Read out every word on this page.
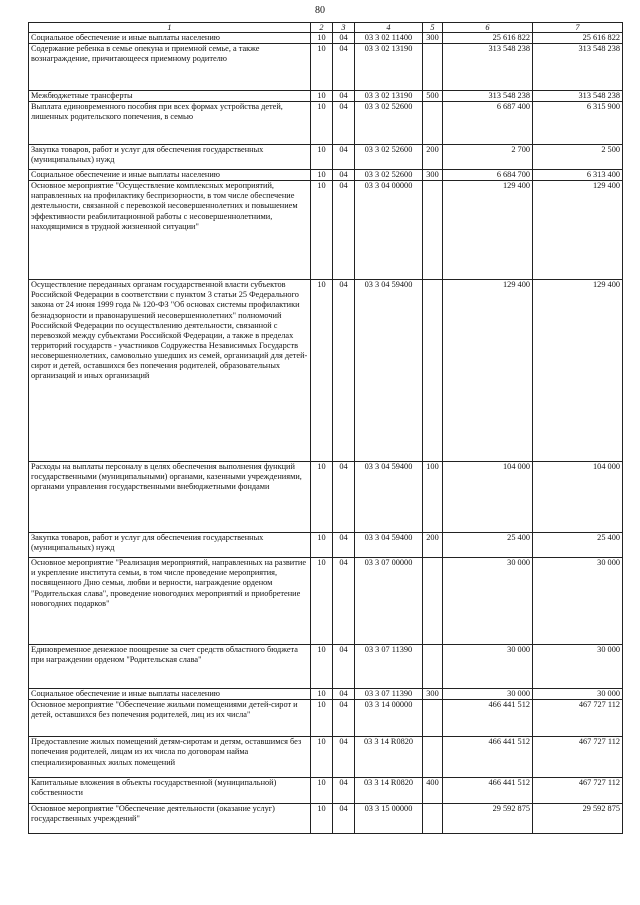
80
1	2	3	4	5	6	7
Социальное обеспечение и иные выплаты населению	10	04	03 3 02 11400	300	25 616 822	25 616 822
Содержание ребенка в семье опекуна и приемной семье, а также вознаграждение, причитающееся приемному родителю	10	04	03 3 02 13190		313 548 238	313 548 238
Межбюджетные трансферты	10	04	03 3 02 13190	500	313 548 238	313 548 238
Выплата единовременного пособия при всех формах устройства детей, лишенных родительского попечения, в семью	10	04	03 3 02 52600		6 687 400	6 315 900
Закупка товаров, работ и услуг для обеспечения государственных (муниципальных) нужд	10	04	03 3 02 52600	200	2 700	2 500
Социальное обеспечение и иные выплаты населению	10	04	03 3 02 52600	300	6 684 700	6 313 400
Основное мероприятие "Осуществление комплексных мероприятий, направленных на профилактику беспризорности, в том числе обеспечение деятельности, связанной с перевозкой несовершеннолетних и повышением эффективности реабилитационной работы с несовершеннолетними, находящимися в трудной жизненной ситуации"	10	04	03 3 04 00000		129 400	129 400
Осуществление переданных органам государственной власти субъектов Российской Федерации в соответствии с пунктом 3 статьи 25 Федерального закона от 24 июня 1999 года № 120-ФЗ "Об основах системы профилактики безнадзорности и правонарушений несовершеннолетних" полномочий Российской Федерации по осуществлению деятельности, связанной с перевозкой между субъектами Российской Федерации, а также в пределах территорий государств - участников Содружества Независимых Государств несовершеннолетних, самовольно ушедших из семей, организаций для детей-сирот и детей, оставшихся без попечения родителей, образовательных организаций и иных организаций	10	04	03 3 04 59400		129 400	129 400
Расходы на выплаты персоналу в целях обеспечения выполнения функций государственными (муниципальными) органами, казенными учреждениями, органами управления государственными внебюджетными фондами	10	04	03 3 04 59400	100	104 000	104 000
Закупка товаров, работ и услуг для обеспечения государственных (муниципальных) нужд	10	04	03 3 04 59400	200	25 400	25 400
Основное мероприятие "Реализация мероприятий, направленных на развитие и укрепление института семьи, в том числе проведение мероприятия, посвященного Дню семьи, любви и верности, награждение орденом "Родительская слава", проведение новогодних мероприятий и приобретение новогодних подарков"	10	04	03 3 07 00000		30 000	30 000
Единовременное денежное поощрение за счет средств областного бюджета при награждении орденом "Родительская слава"	10	04	03 3 07 11390		30 000	30 000
Социальное обеспечение и иные выплаты населению	10	04	03 3 07 11390	300	30 000	30 000
Основное мероприятие "Обеспечение жильми помещениями детей-сирот и детей, оставшихся без попечения родителей, лиц из их числа"	10	04	03 3 14 00000		466 441 512	467 727 112
Предоставление жилых помещений детям-сиротам и детям, оставшимся без попечения родителей, лицам из их числа по договорам найма специализированных жилых помещений	10	04	03 3 14 R0820		466 441 512	467 727 112
Капитальные вложения в объекты государственной (муниципальной) собственности	10	04	03 3 14 R0820	400	466 441 512	467 727 112
Основное мероприятие "Обеспечение деятельности (оказание услуг) государственных учреждений"	10	04	03 3 15 00000		29 592 875	29 592 875
